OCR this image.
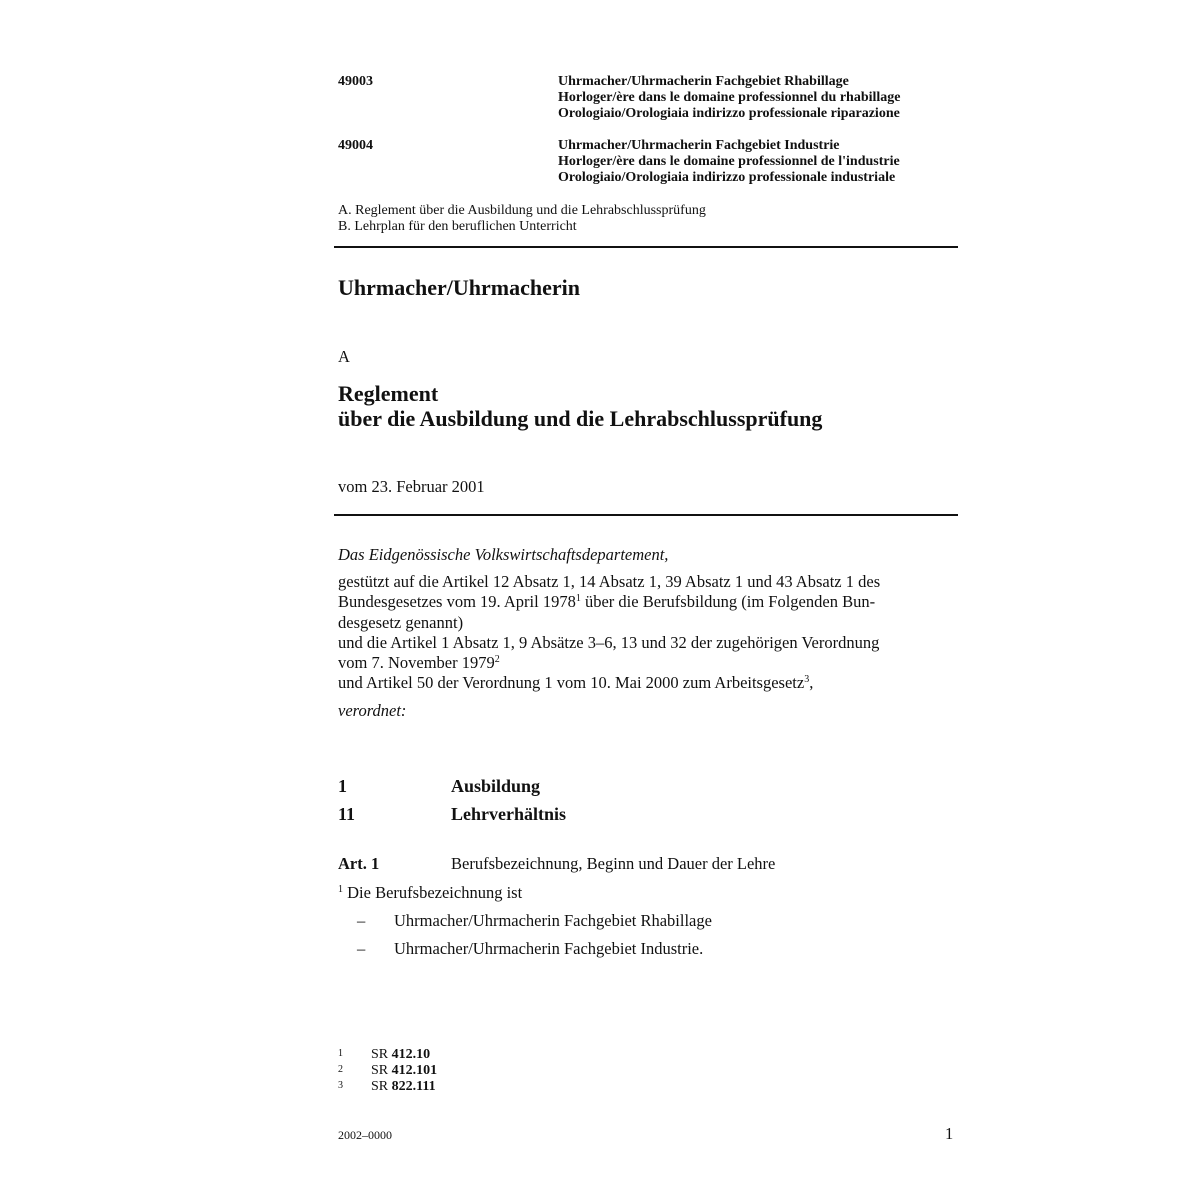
49003	Uhrmacher/Uhrmacherin Fachgebiet Rhabillage
Horloger/ère dans le domaine professionnel du rhabillage
Orologiaio/Orologiaia indirizzo professionale riparazione
49004	Uhrmacher/Uhrmacherin Fachgebiet Industrie
Horloger/ère dans le domaine professionnel de l'industrie
Orologiaio/Orologiaia indirizzo professionale industriale
A. Reglement über die Ausbildung und die Lehrabschlussprüfung
B. Lehrplan für den beruflichen Unterricht
Uhrmacher/Uhrmacherin
A
Reglement
über die Ausbildung und die Lehrabschlussprüfung
vom 23. Februar 2001
Das Eidgenössische Volkswirtschaftsdepartement,
gestützt auf die Artikel 12 Absatz 1, 14 Absatz 1, 39 Absatz 1 und 43 Absatz 1 des
Bundesgesetzes vom 19. April 1978$^1$ über die Berufsbildung (im Folgenden Bun-
desgesetz genannt)
und die Artikel 1 Absatz 1, 9 Absätze 3–6, 13 und 32 der zugehörigen Verordnung
vom 7. November 1979$^2$
und Artikel 50 der Verordnung 1 vom 10. Mai 2000 zum Arbeitsgesetz$^3$,
verordnet:
1	Ausbildung
11	Lehrverhältnis
Art. 1	Berufsbezeichnung, Beginn und Dauer der Lehre
$^1$ Die Berufsbezeichnung ist
– Uhrmacher/Uhrmacherin Fachgebiet Rhabillage
– Uhrmacher/Uhrmacherin Fachgebiet Industrie.
1 SR 412.10
2 SR 412.101
3 SR 822.111
2002–0000	1
